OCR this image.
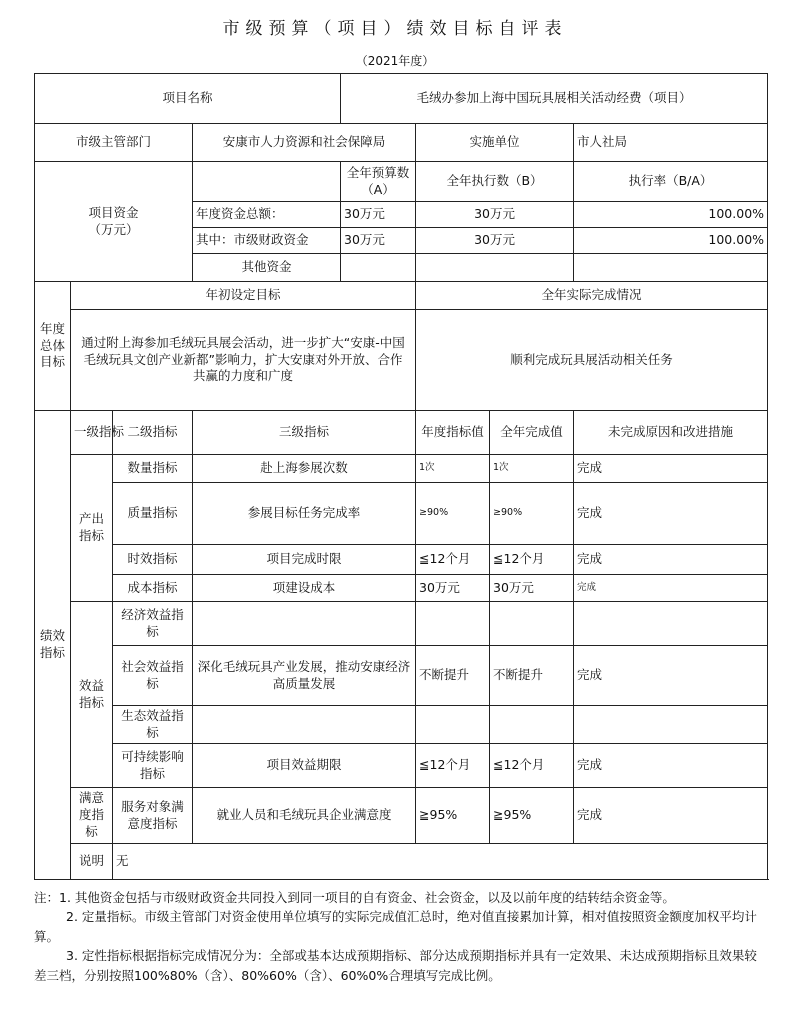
市级预算（项目）绩效目标自评表
（2021年度）
项目名称				毛绒办参加上海中国玩具展相关活动经费（项目）			
市级主管部门			安康市人力资源和社会保障局		实施单位		市人社局
项目资金
（万元）				全年预算数（A）	全年执行数（B）		执行率（B/A）
			年度资金总额：	30万元	30万元		100.00%
			其中：市级财政资金	30万元	30万元		100.00%
			其他资金				
年度总体目标	年初设定目标				全年实际完成情况		
	通过附上海参加毛绒玩具展会活动，进一步扩大“安康-中国毛绒玩具文创产业新都”影响力，扩大安康对外开放、合作共赢的力度和广度				顺利完成玩具展活动相关任务		
绩效指标	一级指标	二级指标	三级指标		年度指标值	全年完成值	未完成原因和改进措施
	产出指标	数量指标	赴上海参展次数		1次	1次	完成
		质量指标	参展目标任务完成率		≥90%	≥90%	完成
		时效指标	项目完成时限		≦12个月	≦12个月	完成
		成本指标	项建设成本		30万元	30万元	完成
	效益指标	经济效益指标					
		社会效益指标	深化毛绒玩具产业发展，推动安康经济高质量发展		不断提升	不断提升	完成
		生态效益指标					
		可持续影响指标	项目效益期限		≦12个月	≦12个月	完成
	满意度指标	服务对象满意度指标	就业人员和毛绒玩具企业满意度		≧95%	≧95%	完成
	说明	无					

注：1. 其他资金包括与市级财政资金共同投入到同一项目的自有资金、社会资金，以及以前年度的结转结余资金等。

2. 定量指标。市级主管部门对资金使用单位填写的实际完成值汇总时，绝对值直接累加计算，相对值按照资金额度加权平均计算。

3. 定性指标根据指标完成情况分为：全部或基本达成预期指标、部分达成预期指标并具有一定效果、未达成预期指标且效果较差三档，分别按照100%80%（含）、80%60%（含）、60%0%合理填写完成比例。
